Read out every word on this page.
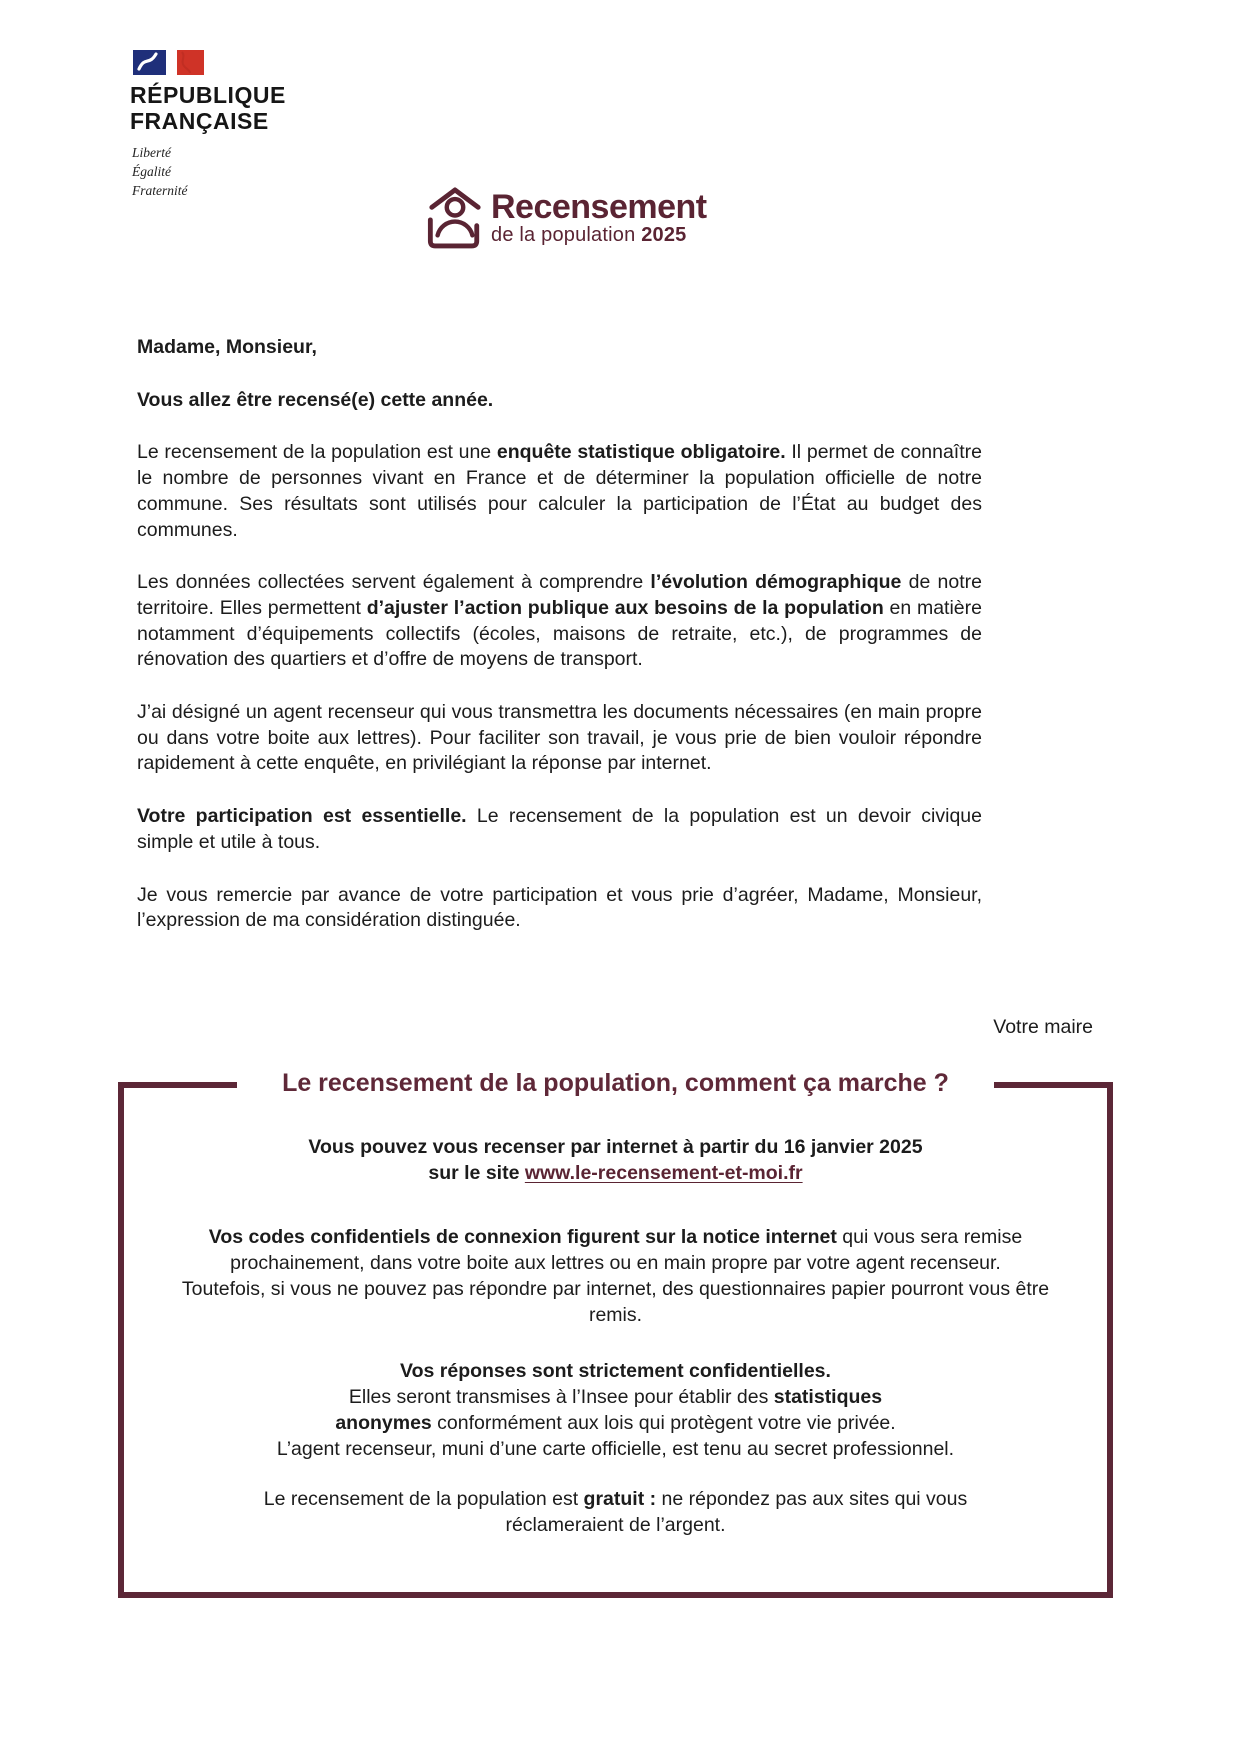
RÉPUBLIQUE
FRANÇAISE
Liberté
Égalité
Fraternité	Recensement
de la population 2025

Madame, Monsieur,

Vous allez être recensé(e) cette année.

Le recensement de la population est une enquête statistique obligatoire. Il permet de connaître le nombre de personnes vivant en France et de déterminer la population officielle de notre commune. Ses résultats sont utilisés pour calculer la participation de l’État au budget des communes.

Les données collectées servent également à comprendre l’évolution démographique de notre territoire. Elles permettent d’ajuster l’action publique aux besoins de la population en matière notamment d’équipements collectifs (écoles, maisons de retraite, etc.), de programmes de rénovation des quartiers et d’offre de moyens de transport.

J’ai désigné un agent recenseur qui vous transmettra les documents nécessaires (en main propre ou dans votre boite aux lettres). Pour faciliter son travail, je vous prie de bien vouloir répondre rapidement à cette enquête, en privilégiant la réponse par internet.

Votre participation est essentielle. Le recensement de la population est un devoir civique simple et utile à tous.

Je vous remercie par avance de votre participation et vous prie d’agréer, Madame, Monsieur, l’expression de ma considération distinguée.

Votre maire
Le recensement de la population, comment ça marche ?

Vous pouvez vous recenser par internet à partir du 16 janvier 2025
sur le site www.le-recensement-et-moi.fr

Vos codes confidentiels de connexion figurent sur la notice internet qui vous sera remise prochainement, dans votre boite aux lettres ou en main propre par votre agent recenseur.
Toutefois, si vous ne pouvez pas répondre par internet, des questionnaires papier pourront vous être remis.

Vos réponses sont strictement confidentielles.
Elles seront transmises à l’Insee pour établir des statistiques
anonymes conformément aux lois qui protègent votre vie privée.
L’agent recenseur, muni d’une carte officielle, est tenu au secret professionnel.

Le recensement de la population est gratuit : ne répondez pas aux sites qui vous
réclameraient de l’argent.
